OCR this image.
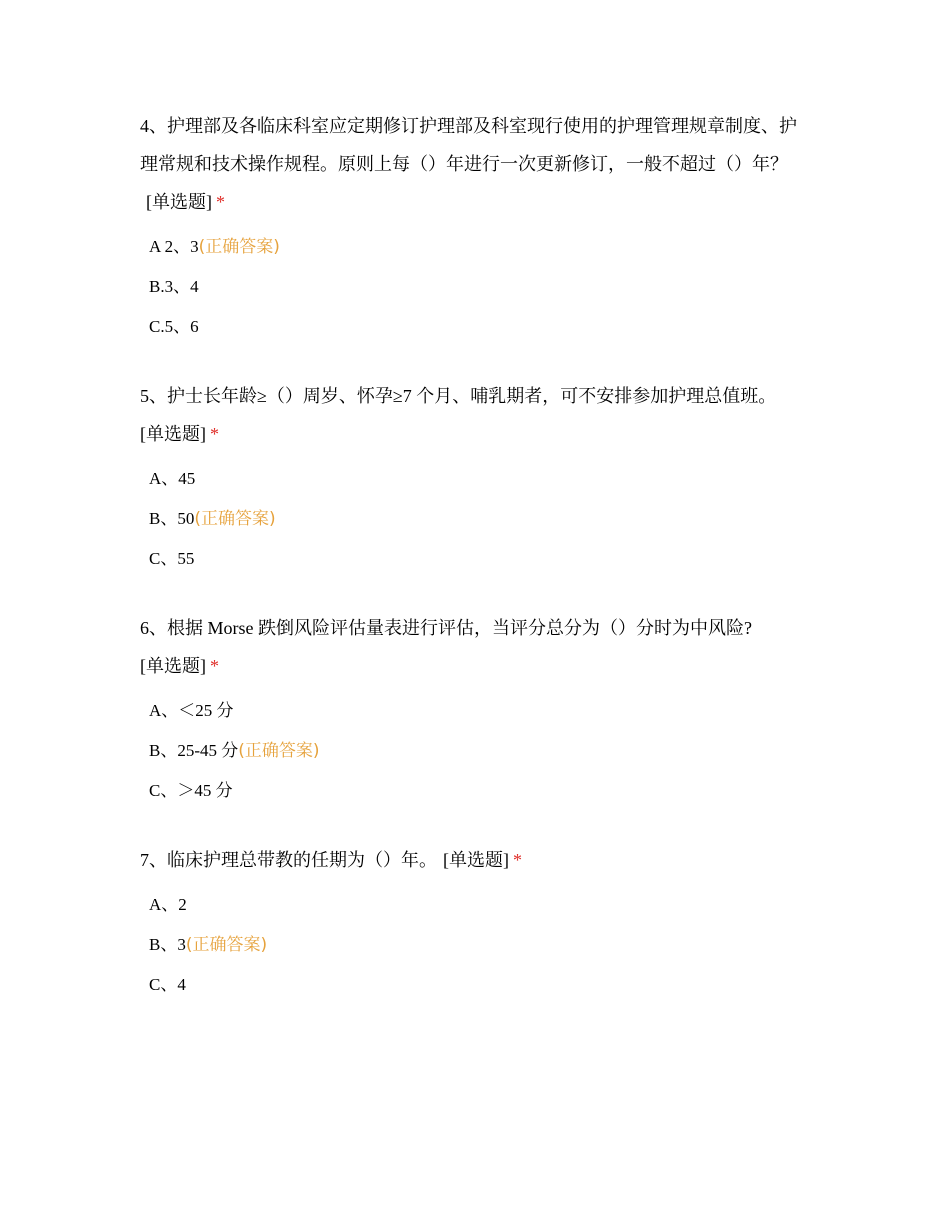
4、护理部及各临床科室应定期修订护理部及科室现行使用的护理管理规章制度、护理常规和技术操作规程。原则上每（）年进行一次更新修订，一般不超过（）年？[单选题] *

A 2、3(正确答案)
B.3、4
C.5、6

5、护士长年龄≥（）周岁、怀孕≥7 个月、哺乳期者，可不安排参加护理总值班。
[单选题] *

A、45
B、50(正确答案)
C、55

6、根据 Morse 跌倒风险评估量表进行评估，当评分总分为（）分时为中风险?
[单选题] *

A、＜25 分
B、25-45 分(正确答案)
C、＞45 分

7、临床护理总带教的任期为（）年。 [单选题] *

A、2
B、3(正确答案)
C、4
